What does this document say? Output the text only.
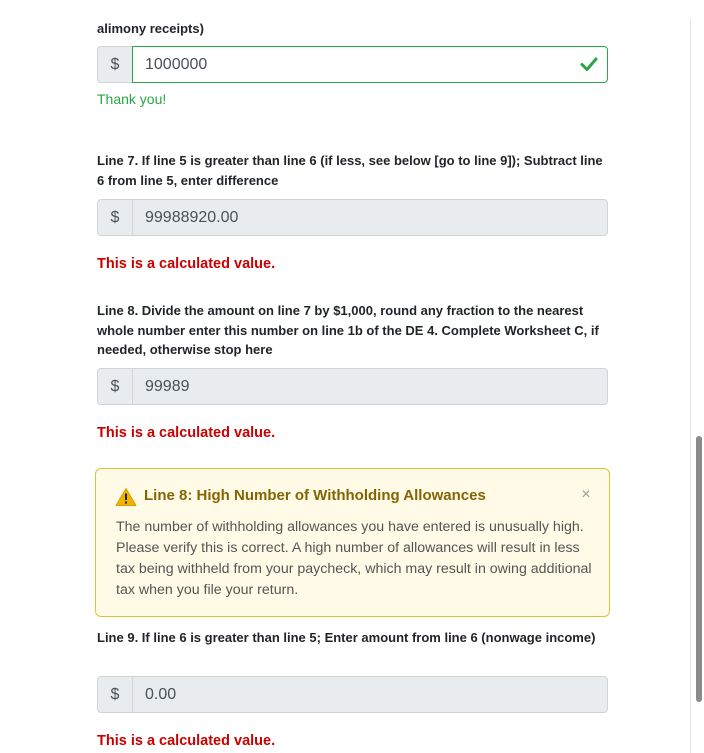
alimony receipts)
$
1000000
Thank you!
Line 7. If line 5 is greater than line 6 (if less, see below [go to line 9]); Subtract line 6 from line 5, enter difference
$
99988920.00
This is a calculated value.
Line 8. Divide the amount on line 7 by $1,000, round any fraction to the nearest whole number enter this number on line 1b of the DE 4. Complete Worksheet C, if needed, otherwise stop here
$
99989
This is a calculated value.
Line 8: High Number of Withholding Allowances	×
The number of withholding allowances you have entered is unusually high. Please verify this is correct. A high number of allowances will result in less tax being withheld from your paycheck, which may result in owing additional tax when you file your return.
Line 9. If line 6 is greater than line 5; Enter amount from line 6 (nonwage income)
$
0.00
This is a calculated value.
